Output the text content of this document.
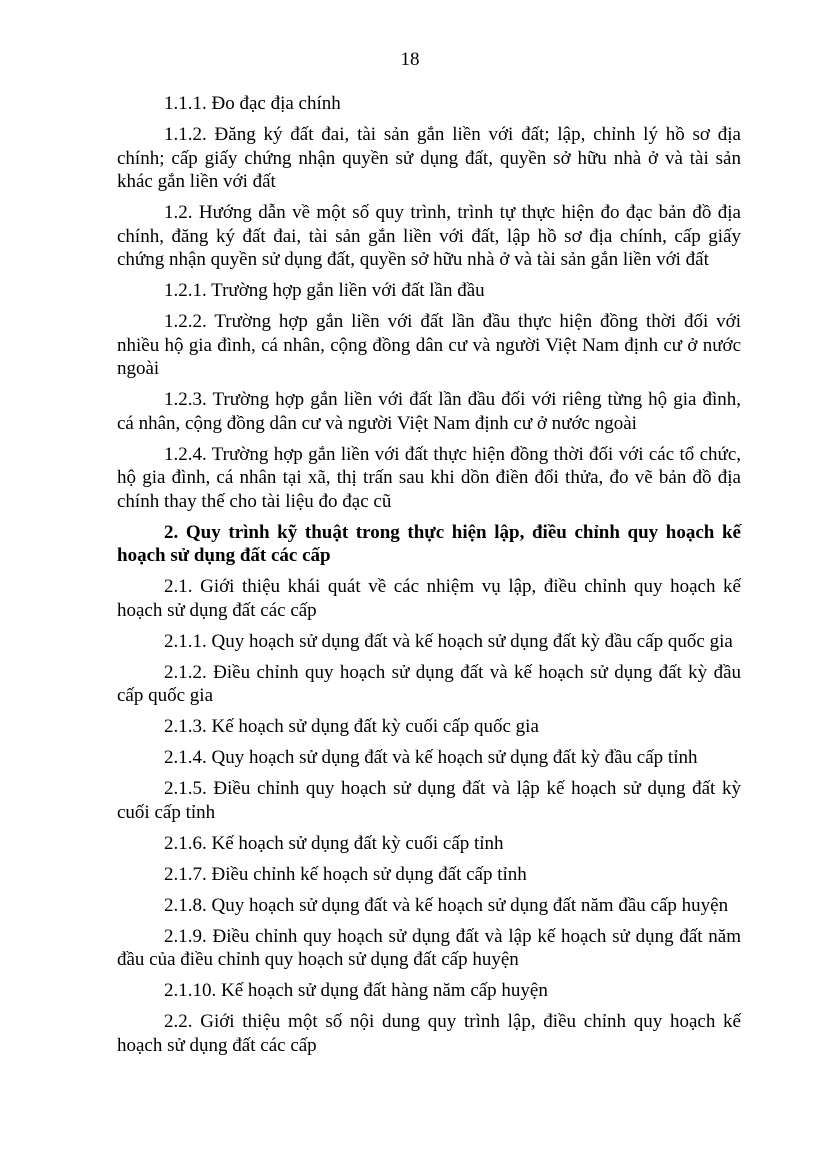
18

1.1.1. Đo đạc địa chính

1.1.2. Đăng ký đất đai, tài sản gắn liền với đất; lập, chỉnh lý hồ sơ địa chính; cấp giấy chứng nhận quyền sử dụng đất, quyền sở hữu nhà ở và tài sản khác gắn liền với đất

1.2. Hướng dẫn về một số quy trình, trình tự thực hiện đo đạc bản đồ địa chính, đăng ký đất đai, tài sản gắn liền với đất, lập hồ sơ địa chính, cấp giấy chứng nhận quyền sử dụng đất, quyền sở hữu nhà ở và tài sản gắn liền với đất

1.2.1. Trường hợp gắn liền với đất lần đầu

1.2.2. Trường hợp gắn liền với đất lần đầu thực hiện đồng thời đối với nhiều hộ gia đình, cá nhân, cộng đồng dân cư và người Việt Nam định cư ở nước ngoài

1.2.3. Trường hợp gắn liền với đất lần đầu đối với riêng từng hộ gia đình, cá nhân, cộng đồng dân cư và người Việt Nam định cư ở nước ngoài

1.2.4. Trường hợp gắn liền với đất thực hiện đồng thời đối với các tổ chức, hộ gia đình, cá nhân tại xã, thị trấn sau khi dồn điền đổi thửa, đo vẽ bản đồ địa chính thay thế cho tài liệu đo đạc cũ

2. Quy trình kỹ thuật trong thực hiện lập, điều chỉnh quy hoạch kế hoạch sử dụng đất các cấp

2.1. Giới thiệu khái quát về các nhiệm vụ lập, điều chỉnh quy hoạch kế hoạch sử dụng đất các cấp

2.1.1. Quy hoạch sử dụng đất và kế hoạch sử dụng đất kỳ đầu cấp quốc gia

2.1.2. Điều chỉnh quy hoạch sử dụng đất và kế hoạch sử dụng đất kỳ đầu cấp quốc gia

2.1.3. Kế hoạch sử dụng đất kỳ cuối cấp quốc gia

2.1.4. Quy hoạch sử dụng đất và kế hoạch sử dụng đất kỳ đầu cấp tỉnh

2.1.5. Điều chỉnh quy hoạch sử dụng đất và lập kế hoạch sử dụng đất kỳ cuối cấp tỉnh

2.1.6. Kế hoạch sử dụng đất kỳ cuối cấp tỉnh

2.1.7. Điều chỉnh kế hoạch sử dụng đất cấp tỉnh

2.1.8. Quy hoạch sử dụng đất và kế hoạch sử dụng đất năm đầu cấp huyện

2.1.9. Điều chỉnh quy hoạch sử dụng đất và lập kế hoạch sử dụng đất năm đầu của điều chỉnh quy hoạch sử dụng đất cấp huyện

2.1.10. Kế hoạch sử dụng đất hàng năm cấp huyện

2.2. Giới thiệu một số nội dung quy trình lập, điều chỉnh quy hoạch kế hoạch sử dụng đất các cấp
